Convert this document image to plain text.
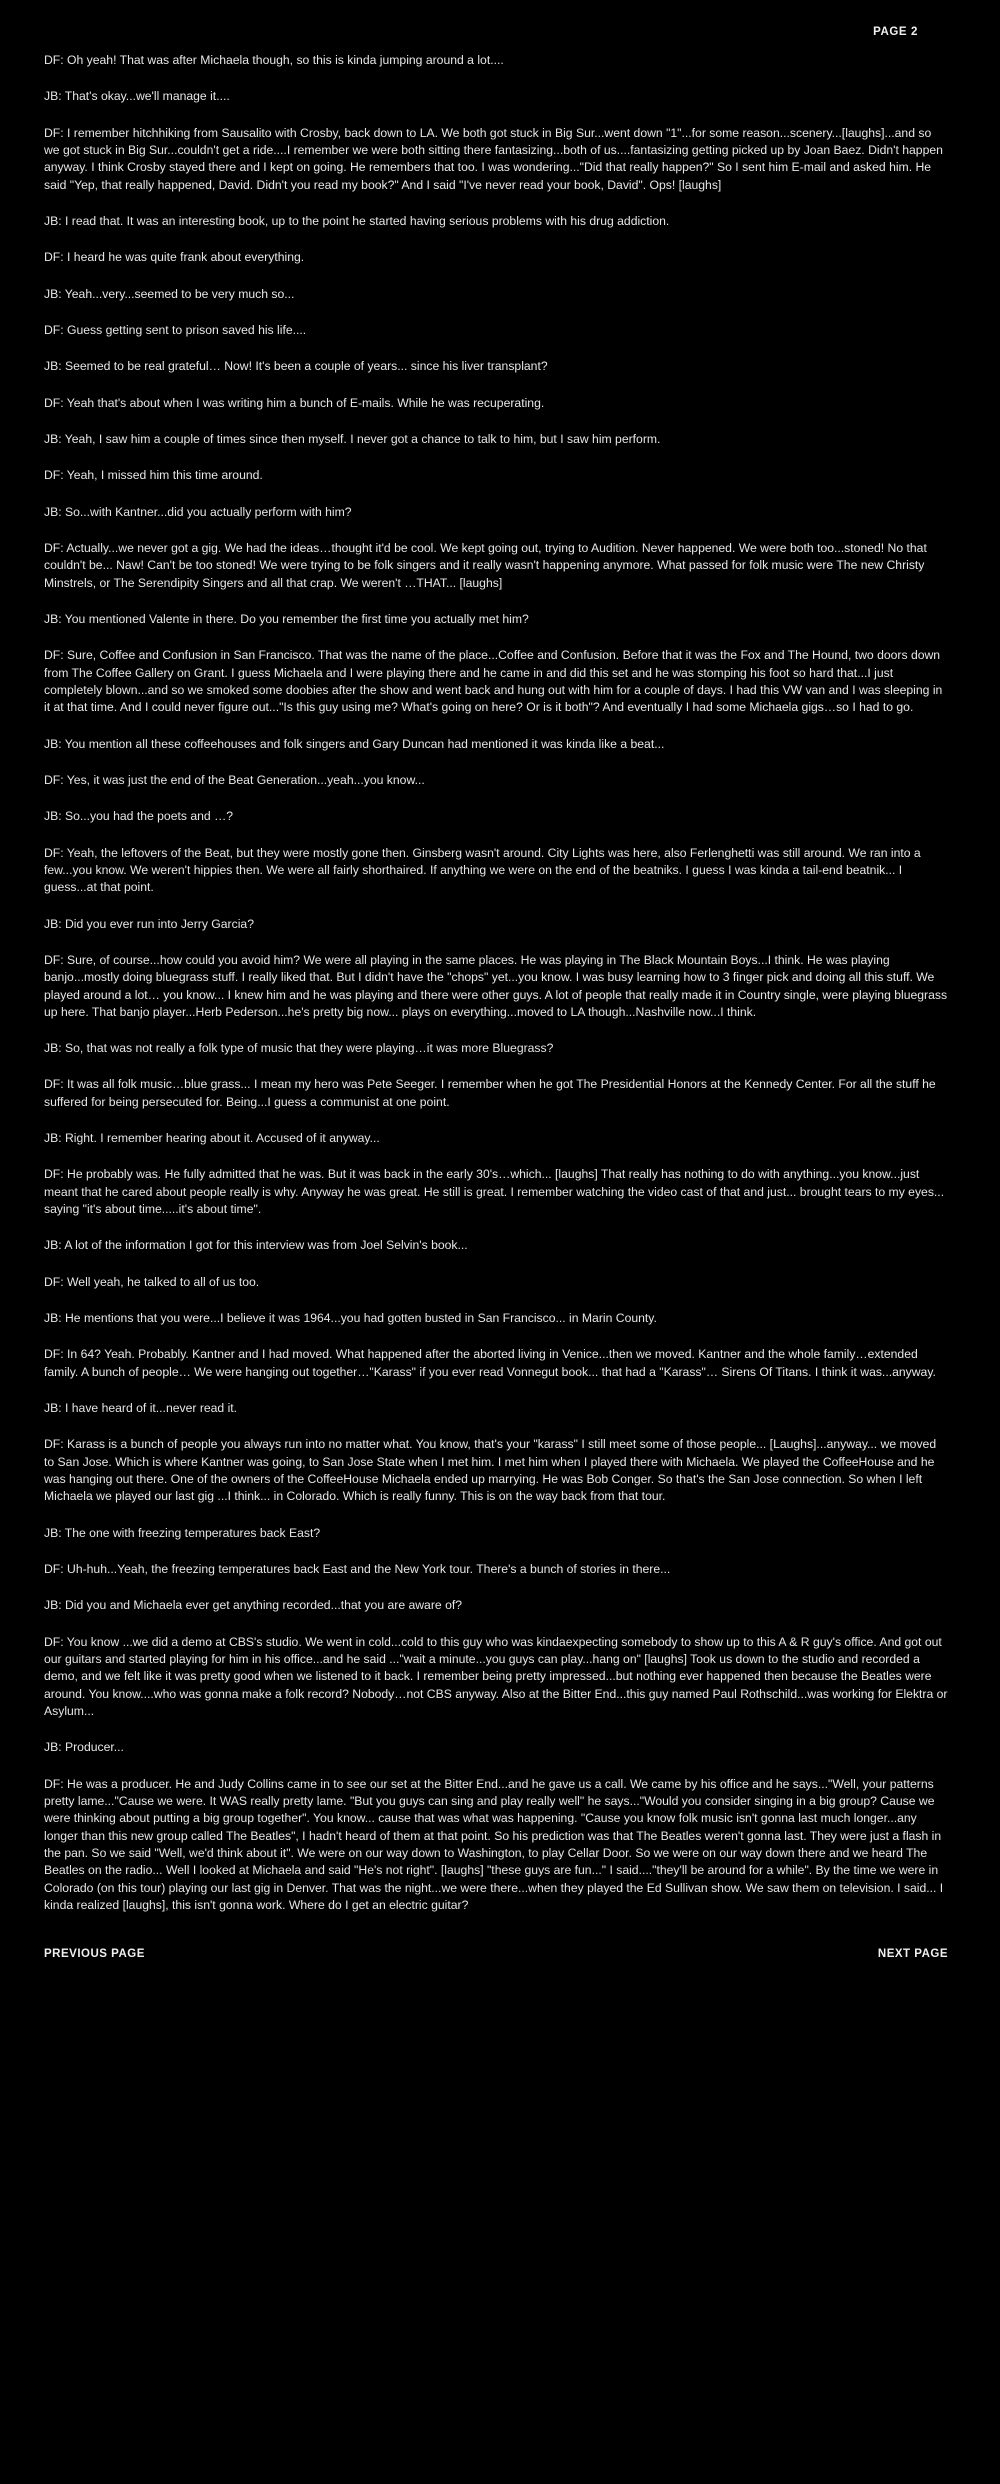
PAGE 2

DF: Oh yeah! That was after Michaela though, so this is kinda jumping around a lot....

JB: That's okay...we'll manage it....

DF: I remember hitchhiking from Sausalito with Crosby, back down to LA. We both got stuck in Big Sur...went down "1"...for some reason...scenery...[laughs]...and so we got stuck in Big Sur...couldn't get a ride....I remember we were both sitting there fantasizing...both of us....fantasizing getting picked up by Joan Baez. Didn't happen anyway. I think Crosby stayed there and I kept on going. He remembers that too. I was wondering..."Did that really happen?" So I sent him E-mail and asked him. He said "Yep, that really happened, David. Didn't you read my book?" And I said "I've never read your book, David". Ops! [laughs]

JB: I read that. It was an interesting book, up to the point he started having serious problems with his drug addiction.

DF: I heard he was quite frank about everything.

JB: Yeah...very...seemed to be very much so...

DF: Guess getting sent to prison saved his life....

JB: Seemed to be real grateful… Now! It's been a couple of years... since his liver transplant?

DF: Yeah that's about when I was writing him a bunch of E-mails. While he was recuperating.

JB: Yeah, I saw him a couple of times since then myself. I never got a chance to talk to him, but I saw him perform.

DF: Yeah, I missed him this time around.

JB: So...with Kantner...did you actually perform with him?

DF: Actually...we never got a gig. We had the ideas…thought it'd be cool. We kept going out, trying to Audition. Never happened. We were both too...stoned! No that couldn't be... Naw! Can't be too stoned! We were trying to be folk singers and it really wasn't happening anymore. What passed for folk music were The new Christy Minstrels, or The Serendipity Singers and all that crap. We weren't …THAT... [laughs]

JB: You mentioned Valente in there. Do you remember the first time you actually met him?

DF: Sure, Coffee and Confusion in San Francisco. That was the name of the place...Coffee and Confusion. Before that it was the Fox and The Hound, two doors down from The Coffee Gallery on Grant. I guess Michaela and I were playing there and he came in and did this set and he was stomping his foot so hard that...I just completely blown...and so we smoked some doobies after the show and went back and hung out with him for a couple of days. I had this VW van and I was sleeping in it at that time. And I could never figure out..."Is this guy using me? What's going on here? Or is it both"? And eventually I had some Michaela gigs…so I had to go.

JB: You mention all these coffeehouses and folk singers and Gary Duncan had mentioned it was kinda like a beat...

DF: Yes, it was just the end of the Beat Generation...yeah...you know...

JB: So...you had the poets and …?

DF: Yeah, the leftovers of the Beat, but they were mostly gone then. Ginsberg wasn't around. City Lights was here, also Ferlenghetti was still around. We ran into a few...you know. We weren't hippies then. We were all fairly shorthaired. If anything we were on the end of the beatniks. I guess I was kinda a tail-end beatnik... I guess...at that point.

JB: Did you ever run into Jerry Garcia?

DF: Sure, of course...how could you avoid him? We were all playing in the same places. He was playing in The Black Mountain Boys...I think. He was playing banjo...mostly doing bluegrass stuff. I really liked that. But I didn't have the "chops" yet...you know. I was busy learning how to 3 finger pick and doing all this stuff. We played around a lot… you know... I knew him and he was playing and there were other guys. A lot of people that really made it in Country single, were playing bluegrass up here. That banjo player...Herb Pederson...he's pretty big now... plays on everything...moved to LA though...Nashville now...I think.

JB: So, that was not really a folk type of music that they were playing…it was more Bluegrass?

DF: It was all folk music…blue grass... I mean my hero was Pete Seeger. I remember when he got The Presidential Honors at the Kennedy Center. For all the stuff he suffered for being persecuted for. Being...I guess a communist at one point.

JB: Right. I remember hearing about it. Accused of it anyway...

DF: He probably was. He fully admitted that he was. But it was back in the early 30's…which... [laughs] That really has nothing to do with anything...you know...just meant that he cared about people really is why. Anyway he was great. He still is great. I remember watching the video cast of that and just... brought tears to my eyes... saying "it's about time.....it's about time".

JB: A lot of the information I got for this interview was from Joel Selvin's book...

DF: Well yeah, he talked to all of us too.

JB: He mentions that you were...I believe it was 1964...you had gotten busted in San Francisco... in Marin County.

DF: In 64? Yeah. Probably. Kantner and I had moved. What happened after the aborted living in Venice...then we moved. Kantner and the whole family…extended family. A bunch of people… We were hanging out together…"Karass" if you ever read Vonnegut book... that had a "Karass"… Sirens Of Titans. I think it was...anyway.

JB: I have heard of it...never read it.

DF: Karass is a bunch of people you always run into no matter what. You know, that's your "karass" I still meet some of those people... [Laughs]...anyway... we moved to San Jose. Which is where Kantner was going, to San Jose State when I met him. I met him when I played there with Michaela. We played the CoffeeHouse and he was hanging out there. One of the owners of the CoffeeHouse Michaela ended up marrying. He was Bob Conger. So that's the San Jose connection. So when I left Michaela we played our last gig ...I think... in Colorado. Which is really funny. This is on the way back from that tour.

JB: The one with freezing temperatures back East?

DF: Uh-huh...Yeah, the freezing temperatures back East and the New York tour. There's a bunch of stories in there...

JB: Did you and Michaela ever get anything recorded...that you are aware of?

DF: You know ...we did a demo at CBS's studio. We went in cold...cold to this guy who was kindaexpecting somebody to show up to this A & R guy's office. And got out our guitars and started playing for him in his office...and he said ..."wait a minute...you guys can play...hang on" [laughs] Took us down to the studio and recorded a demo, and we felt like it was pretty good when we listened to it back. I remember being pretty impressed...but nothing ever happened then because the Beatles were around. You know....who was gonna make a folk record? Nobody…not CBS anyway. Also at the Bitter End...this guy named Paul Rothschild...was working for Elektra or Asylum...

JB: Producer...

DF: He was a producer. He and Judy Collins came in to see our set at the Bitter End...and he gave us a call. We came by his office and he says..."Well, your patterns pretty lame..."Cause we were. It WAS really pretty lame. "But you guys can sing and play really well" he says..."Would you consider singing in a big group? Cause we were thinking about putting a big group together". You know... cause that was what was happening. "Cause you know folk music isn't gonna last much longer...any longer than this new group called The Beatles", I hadn't heard of them at that point. So his prediction was that The Beatles weren't gonna last. They were just a flash in the pan. So we said "Well, we'd think about it". We were on our way down to Washington, to play Cellar Door. So we were on our way down there and we heard The Beatles on the radio... Well I looked at Michaela and said "He's not right". [laughs] "these guys are fun..." I said...."they'll be around for a while". By the time we were in Colorado (on this tour) playing our last gig in Denver. That was the night...we were there...when they played the Ed Sullivan show. We saw them on television. I said... I kinda realized [laughs], this isn't gonna work. Where do I get an electric guitar?

PREVIOUS PAGE	NEXT PAGE
